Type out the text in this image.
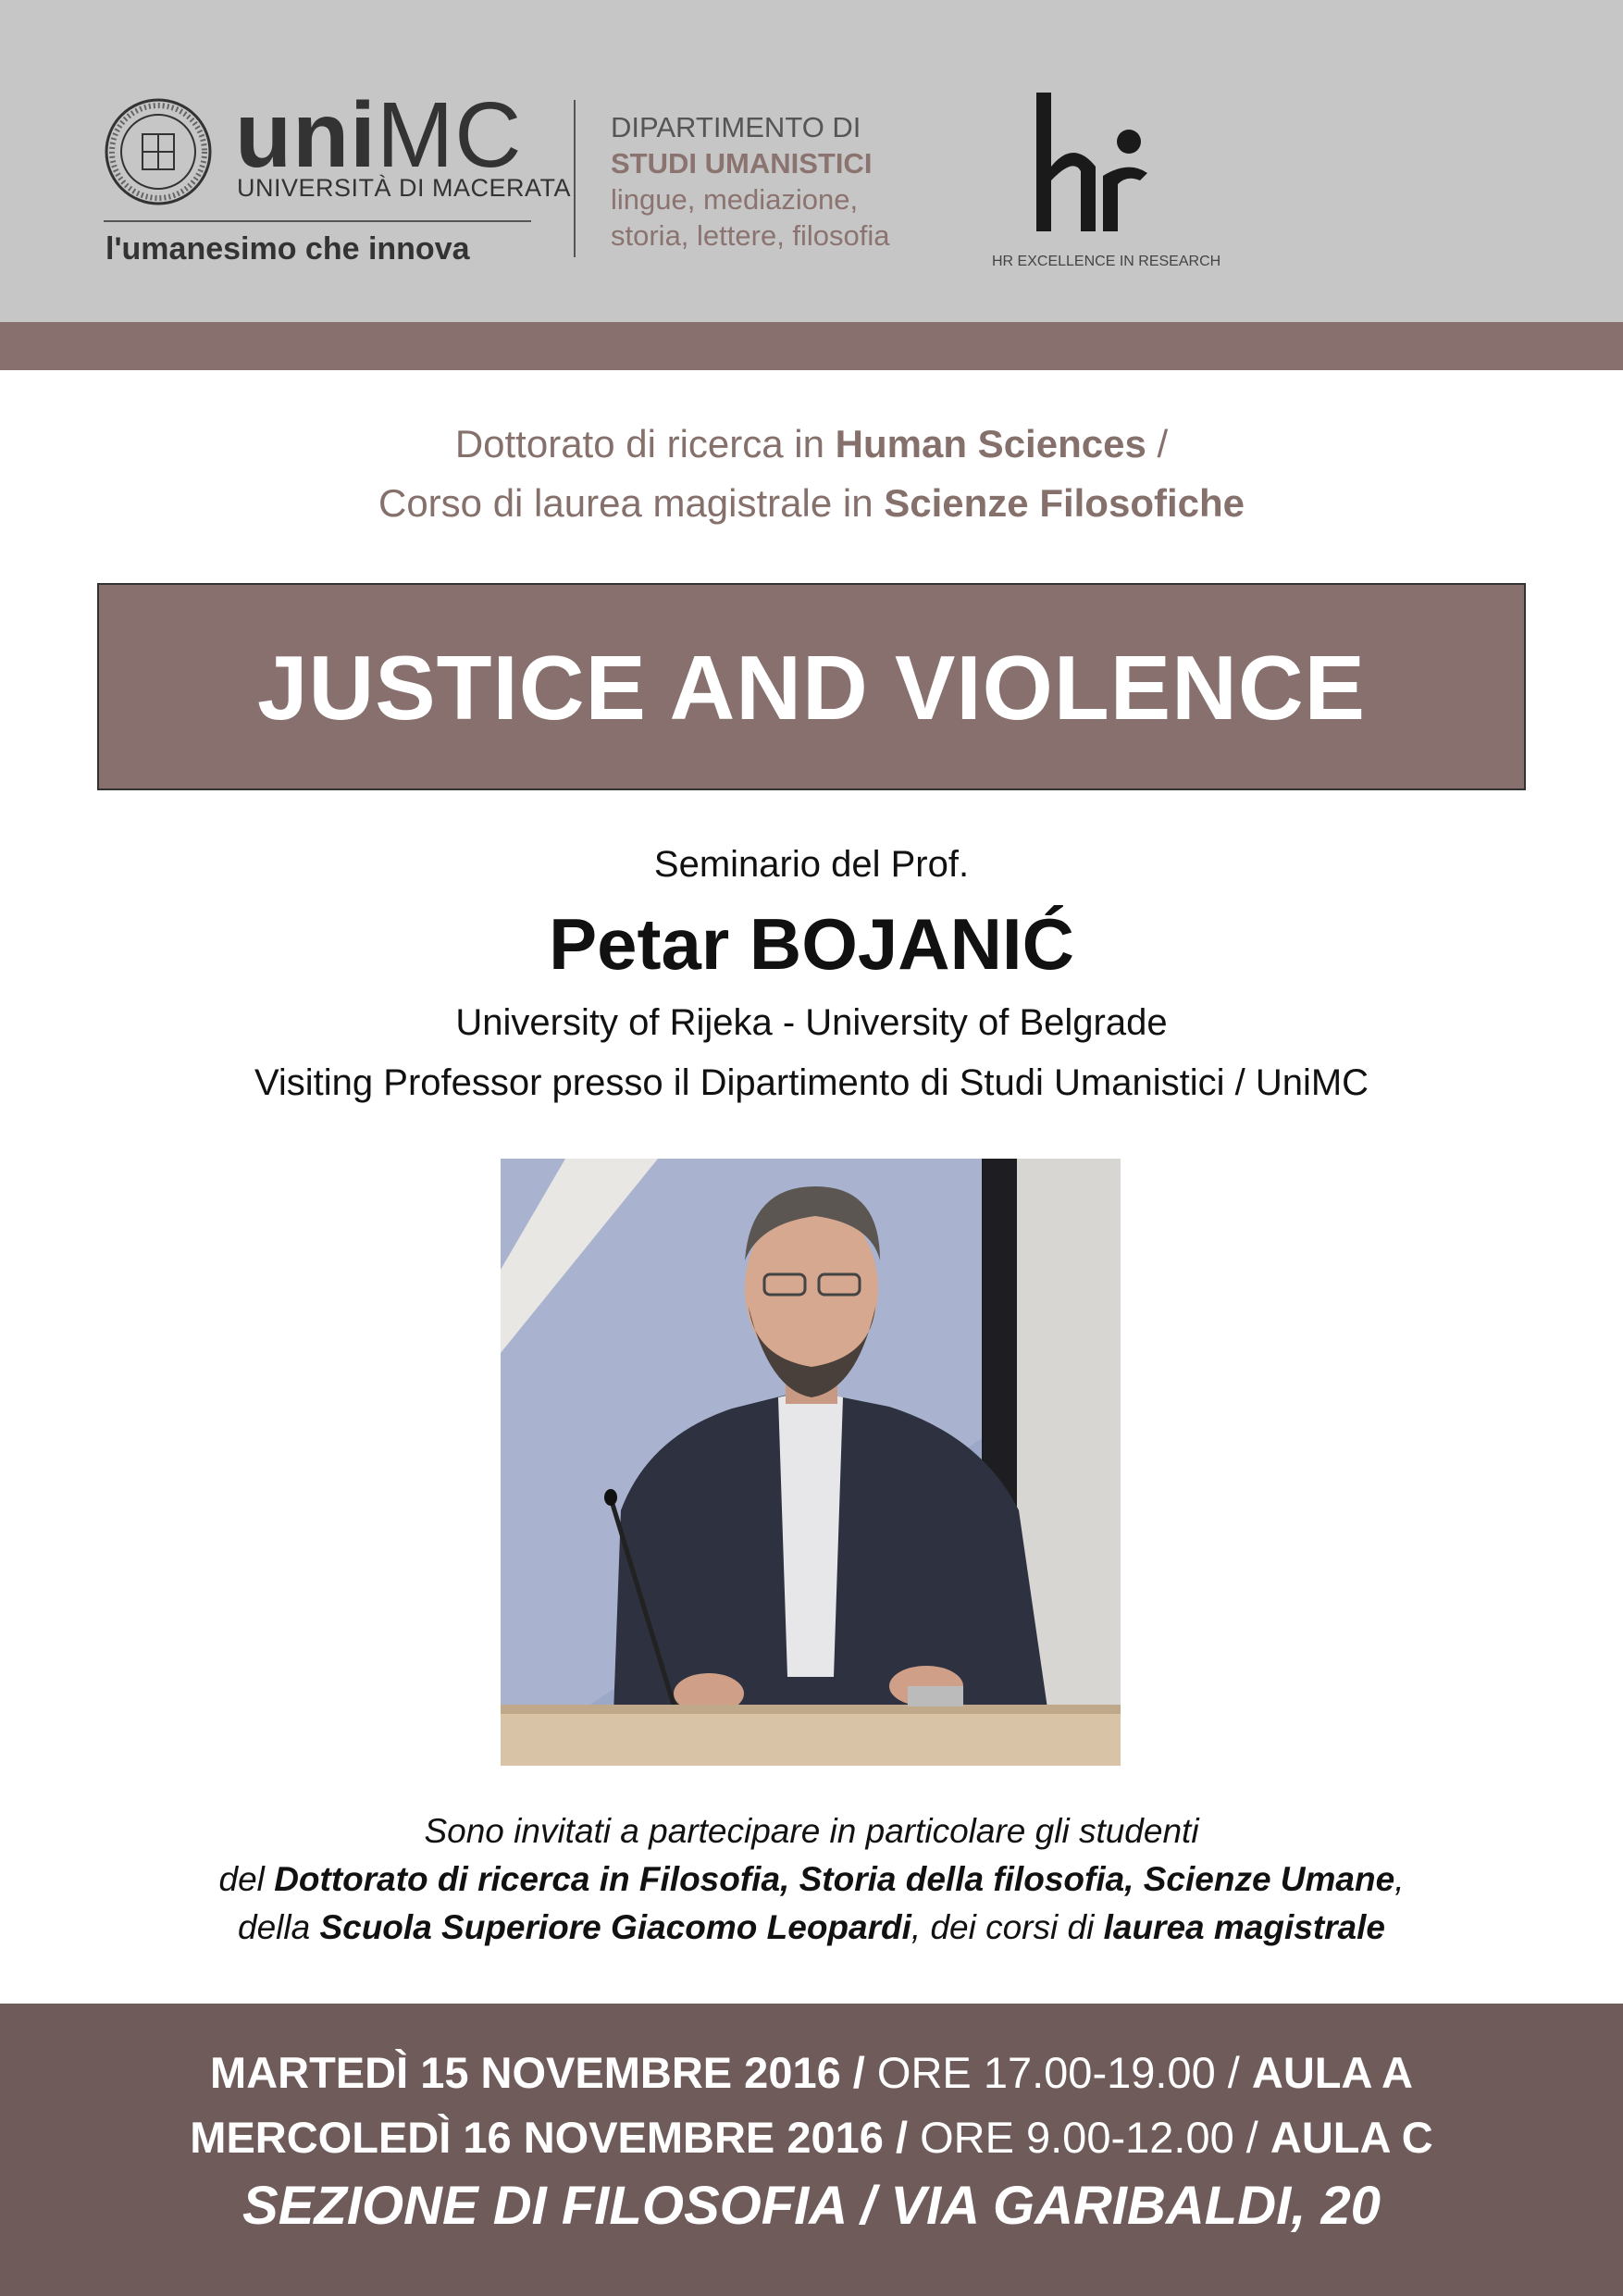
uniMC
UNIVERSITÀ DI MACERATA
l'umanesimo che innova
DIPARTIMENTO DI
STUDI UMANISTICI
lingue, mediazione,
storia, lettere, filosofia
HR EXCELLENCE IN RESEARCH
Dottorato di ricerca in Human Sciences /
Corso di laurea magistrale in Scienze Filosofiche
JUSTICE AND VIOLENCE
Seminario del Prof.
Petar BOJANIĆ
University of Rijeka - University of Belgrade
Visiting Professor presso il Dipartimento di Studi Umanistici / UniMC
Sono invitati a partecipare in particolare gli studenti
del Dottorato di ricerca in Filosofia, Storia della filosofia, Scienze Umane,
della Scuola Superiore Giacomo Leopardi, dei corsi di laurea magistrale
MARTEDÌ 15 NOVEMBRE 2016 / ORE 17.00-19.00 / AULA A
MERCOLEDÌ 16 NOVEMBRE 2016 / ORE 9.00-12.00 / AULA C
SEZIONE DI FILOSOFIA / VIA GARIBALDI, 20
